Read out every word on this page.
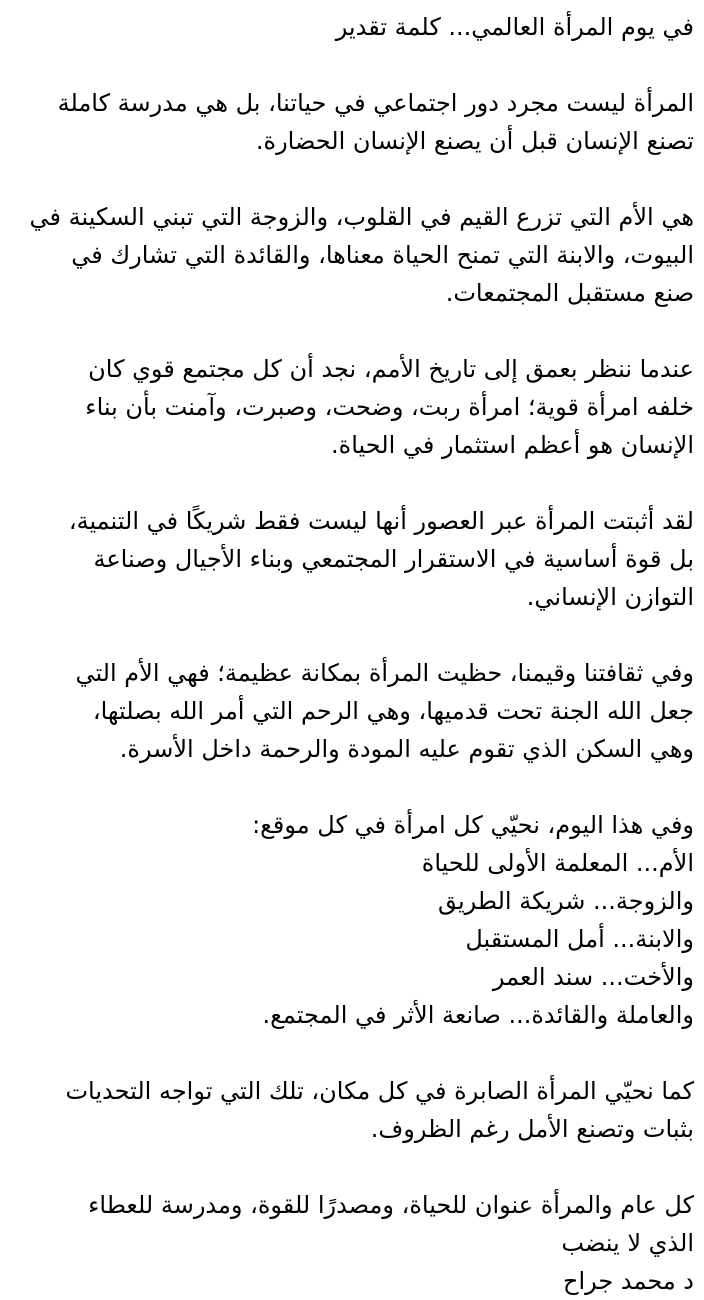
في يوم المرأة العالمي... كلمة تقدير
المرأة ليست مجرد دور اجتماعي في حياتنا، بل هي مدرسة كاملة
تصنع الإنسان قبل أن يصنع الإنسان الحضارة.
هي الأم التي تزرع القيم في القلوب، والزوجة التي تبني السكينة في
البيوت، والابنة التي تمنح الحياة معناها، والقائدة التي تشارك في
صنع مستقبل المجتمعات.
عندما ننظر بعمق إلى تاريخ الأمم، نجد أن كل مجتمع قوي كان
خلفه امرأة قوية؛ امرأة ربت، وضحت، وصبرت، وآمنت بأن بناء
الإنسان هو أعظم استثمار في الحياة.
لقد أثبتت المرأة عبر العصور أنها ليست فقط شريكًا في التنمية،
بل قوة أساسية في الاستقرار المجتمعي وبناء الأجيال وصناعة
التوازن الإنساني.
وفي ثقافتنا وقيمنا، حظيت المرأة بمكانة عظيمة؛ فهي الأم التي
جعل الله الجنة تحت قدميها، وهي الرحم التي أمر الله بصلتها،
وهي السكن الذي تقوم عليه المودة والرحمة داخل الأسرة.
وفي هذا اليوم، نحيّي كل امرأة في كل موقع:
الأم... المعلمة الأولى للحياة
والزوجة... شريكة الطريق
والابنة... أمل المستقبل
والأخت... سند العمر
والعاملة والقائدة... صانعة الأثر في المجتمع.
كما نحيّي المرأة الصابرة في كل مكان، تلك التي تواجه التحديات
بثبات وتصنع الأمل رغم الظروف.
كل عام والمرأة عنوان للحياة، ومصدرًا للقوة، ومدرسة للعطاء
الذي لا ينضب
د محمد جراح
